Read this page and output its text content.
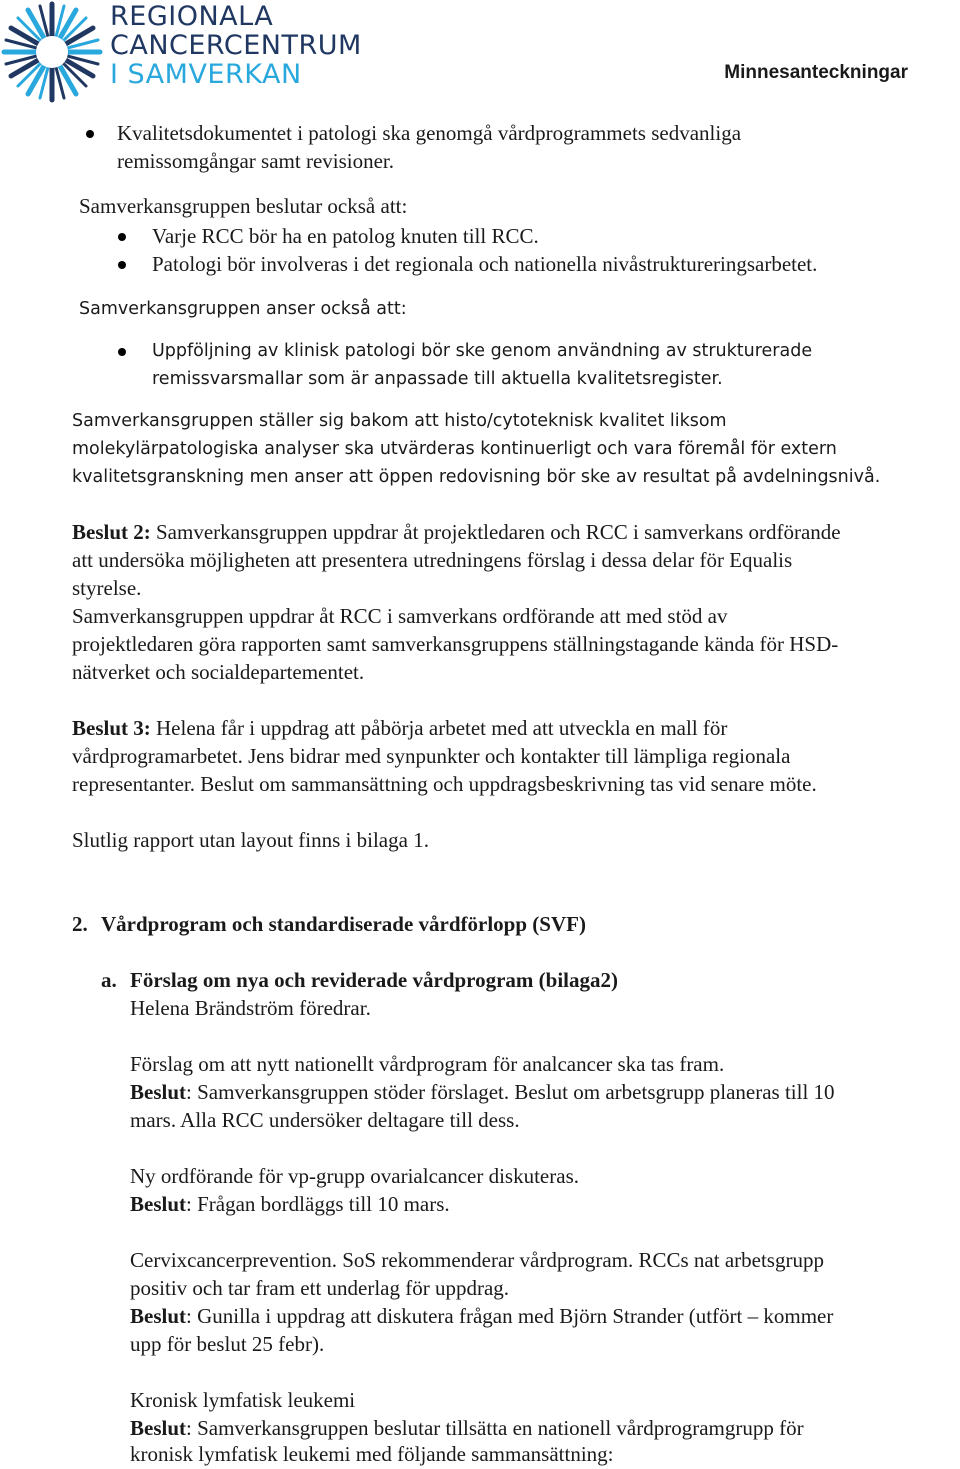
REGIONALA
CANCERCENTRUM
I SAMVERKAN	Minnesanteckningar
Kvalitetsdokumentet i patologi ska genomgå vårdprogrammets sedvanliga
remissomgångar samt revisioner.
Samverkansgruppen beslutar också att:
Varje RCC bör ha en patolog knuten till RCC.
Patologi bör involveras i det regionala och nationella nivåstruktureringsarbetet.
Samverkansgruppen anser också att:
Uppföljning av klinisk patologi bör ske genom användning av strukturerade
remissvarsmallar som är anpassade till aktuella kvalitetsregister.
Samverkansgruppen ställer sig bakom att histo/cytoteknisk kvalitet liksom
molekylärpatologiska analyser ska utvärderas kontinuerligt och vara föremål för extern
kvalitetsgranskning men anser att öppen redovisning bör ske av resultat på avdelningsnivå.
Beslut 2: Samverkansgruppen uppdrar åt projektledaren och RCC i samverkans ordförande
att undersöka möjligheten att presentera utredningens förslag i dessa delar för Equalis
styrelse.
Samverkansgruppen uppdrar åt RCC i samverkans ordförande att med stöd av
projektledaren göra rapporten samt samverkansgruppens ställningstagande kända för HSD-
nätverket och socialdepartementet.
Beslut 3: Helena får i uppdrag att påbörja arbetet med att utveckla en mall för
vårdprogramarbetet. Jens bidrar med synpunkter och kontakter till lämpliga regionala
representanter. Beslut om sammansättning och uppdragsbeskrivning tas vid senare möte.
Slutlig rapport utan layout finns i bilaga 1.
2. Vårdprogram och standardiserade vårdförlopp (SVF)
a. Förslag om nya och reviderade vårdprogram (bilaga2)
Helena Brändström föredrar.
Förslag om att nytt nationellt vårdprogram för analcancer ska tas fram.
Beslut: Samverkansgruppen stöder förslaget. Beslut om arbetsgrupp planeras till 10
mars. Alla RCC undersöker deltagare till dess.
Ny ordförande för vp-grupp ovarialcancer diskuteras.
Beslut: Frågan bordläggs till 10 mars.
Cervixcancerprevention. SoS rekommenderar vårdprogram. RCCs nat arbetsgrupp
positiv och tar fram ett underlag för uppdrag.
Beslut: Gunilla i uppdrag att diskutera frågan med Björn Strander (utfört – kommer
upp för beslut 25 febr).
Kronisk lymfatisk leukemi
Beslut: Samverkansgruppen beslutar tillsätta en nationell vårdprogramgrupp för
kronisk lymfatisk leukemi med följande sammansättning:
